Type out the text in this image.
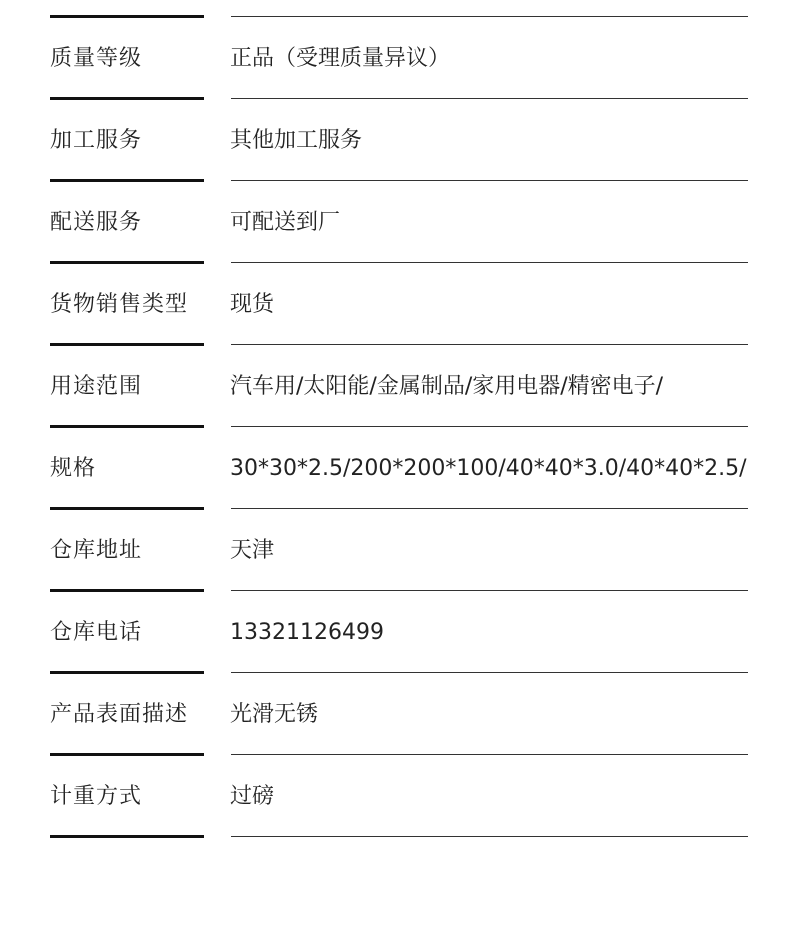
质量等级	正品（受理质量异议）
加工服务	其他加工服务
配送服务	可配送到厂
货物销售类型 现货
用途范围	汽车用/太阳能/金属制品/家用电器/精密电子/
规格	30*30*2.5/200*200*100/40*40*3.0/40*40*2.5/
仓库地址	天津
仓库电话	13321126499
产品表面描述 光滑无锈
计重方式	过磅
